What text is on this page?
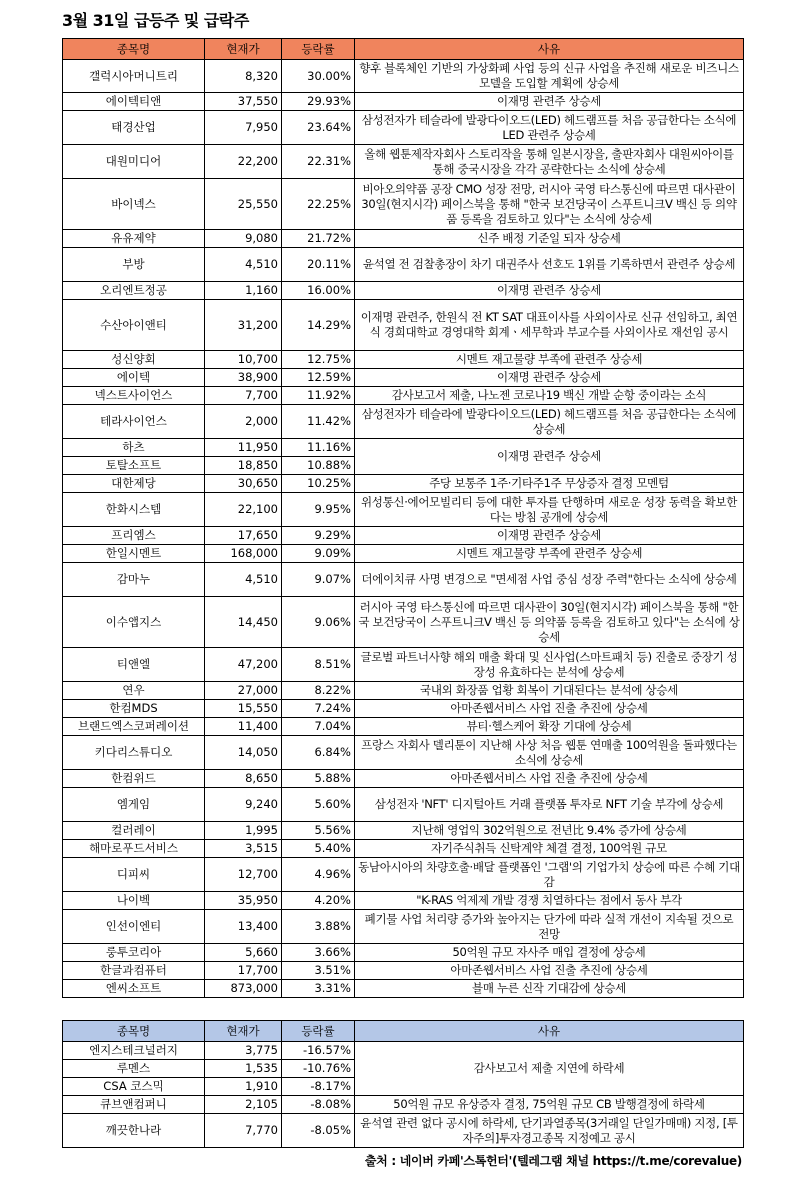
3월 31일 급등주 및 급락주
종목명	현재가	등락률	사유
갤럭시아머니트리	8,320	30.00%	향후 블록체인 기반의 가상화폐 사업 등의 신규 사업을 추진해 새로운 비즈니스 모델을 도입할 계획에 상승세
에이텍티앤	37,550	29.93%	이재명 관련주 상승세
태경산업	7,950	23.64%	삼성전자가 테슬라에 발광다이오드(LED) 헤드램프를 처음 공급한다는 소식에 LED 관련주 상승세
대원미디어	22,200	22.31%	올해 웹툰제작자회사 스토리작을 통해 일본시장을, 출판자회사 대원씨아이를 통해 중국시장을 각각 공략한다는 소식에 상승세
바이넥스	25,550	22.25%	비아오의약품 공장 CMO 성장 전망, 러시아 국영 타스통신에 따르면 대사관이 30일(현지시각) 페이스북을 통해 "한국 보건당국이 스푸트니크V 백신 등 의약품 등록을 검토하고 있다"는 소식에 상승세
유유제약	9,080	21.72%	신주 배정 기준일 되자 상승세
부방	4,510	20.11%	윤석열 전 검찰총장이 차기 대권주사 선호도 1위를 기록하면서 관련주 상승세
오리엔트정공	1,160	16.00%	이재명 관련주 상승세
수산아이앤티	31,200	14.29%	이재명 관련주, 한원식 전 KT SAT 대표이사를 사외이사로 신규 선임하고, 최연식 경희대학교 경영대학 회계ㆍ세무학과 부교수를 사외이사로 재선임 공시
성신양회	10,700	12.75%	시멘트 재고물량 부족에 관련주 상승세
에이텍	38,900	12.59%	이재명 관련주 상승세
넥스트사이언스	7,700	11.92%	감사보고서 제출, 나노젠 코로나19 백신 개발 순항 중이라는 소식
테라사이언스	2,000	11.42%	삼성전자가 테슬라에 발광다이오드(LED) 헤드램프를 처음 공급한다는 소식에 상승세
하츠	11,950	11.16%	이재명 관련주 상승세
토탈소프트	18,850	10.88%	
대한제당	30,650	10.25%	주당 보통주 1주·기타주1주 무상증자 결정 모멘텀
한화시스템	22,100	9.95%	위성통신·에어모빌리티 등에 대한 투자를 단행하며 새로운 성장 동력을 확보한다는 방침 공개에 상승세
프리엠스	17,650	9.29%	이재명 관련주 상승세
한일시멘트	168,000	9.09%	시멘트 재고물량 부족에 관련주 상승세
감마누	4,510	9.07%	더에이치큐 사명 변경으로 "면세점 사업 중심 성장 주력"한다는 소식에 상승세
이수앱지스	14,450	9.06%	러시아 국영 타스통신에 따르면 대사관이 30일(현지시각) 페이스북을 통해 "한국 보건당국이 스푸트니크V 백신 등 의약품 등록을 검토하고 있다"는 소식에 상승세
티앤엘	47,200	8.51%	글로벌 파트너사향 해외 매출 확대 및 신사업(스마트패치 등) 진출로 중장기 성장성 유효하다는 분석에 상승세
연우	27,000	8.22%	국내외 화장품 업황 회복이 기대된다는 분석에 상승세
한컴MDS	15,550	7.24%	아마존웹서비스 사업 진출 추진에 상승세
브랜드엑스코퍼레이션	11,400	7.04%	뷰티·헬스케어 확장 기대에 상승세
키다리스튜디오	14,050	6.84%	프랑스 자회사 델리툰이 지난해 사상 처음 웹툰 연매출 100억원을 돌파했다는 소식에 상승세
한컴위드	8,650	5.88%	아마존웹서비스 사업 진출 추진에 상승세
엠게임	9,240	5.60%	삼성전자 'NFT' 디지털아트 거래 플랫폼 투자로 NFT 기술 부각에 상승세
컬러레이	1,995	5.56%	지난해 영업익 302억원으로 전년比 9.4% 증가에 상승세
해마로푸드서비스	3,515	5.40%	자기주식취득 신탁계약 체결 결정, 100억원 규모
디피씨	12,700	4.96%	동남아시아의 차량호출·배달 플랫폼인 '그랩'의 기업가치 상승에 따른 수혜 기대감
나이벡	35,950	4.20%	"K-RAS 억제제 개발 경쟁 치열하다는 점에서 동사 부각
인선이엔티	13,400	3.88%	폐기물 사업 처리량 증가와 높아지는 단가에 따라 실적 개선이 지속될 것으로 전망
룽투코리아	5,660	3.66%	50억원 규모 자사주 매입 결정에 상승세
한글과컴퓨터	17,700	3.51%	아마존웹서비스 사업 진출 추진에 상승세
엔씨소프트	873,000	3.31%	블매 누른 신작 기대감에 상승세
종목명	현재가	등락률	사유
엔지스테크널러지	3,775	-16.57%	감사보고서 제출 지연에 하락세
루멘스	1,535	-10.76%	
CSA 코스믹	1,910	-8.17%	
큐브앤컴퍼니	2,105	-8.08%	50억원 규모 유상증자 결정, 75억원 규모 CB 발행결정에 하락세
깨끗한나라	7,770	-8.05%	윤석열 관련 없다 공시에 하락세, 단기과열종목(3거래일 단일가매매) 지정, [투자주의]투자경고종목 지정예고 공시
출처 : 네이버 카페'스톡헌터'(텔레그램 채널 https://t.me/corevalue)
